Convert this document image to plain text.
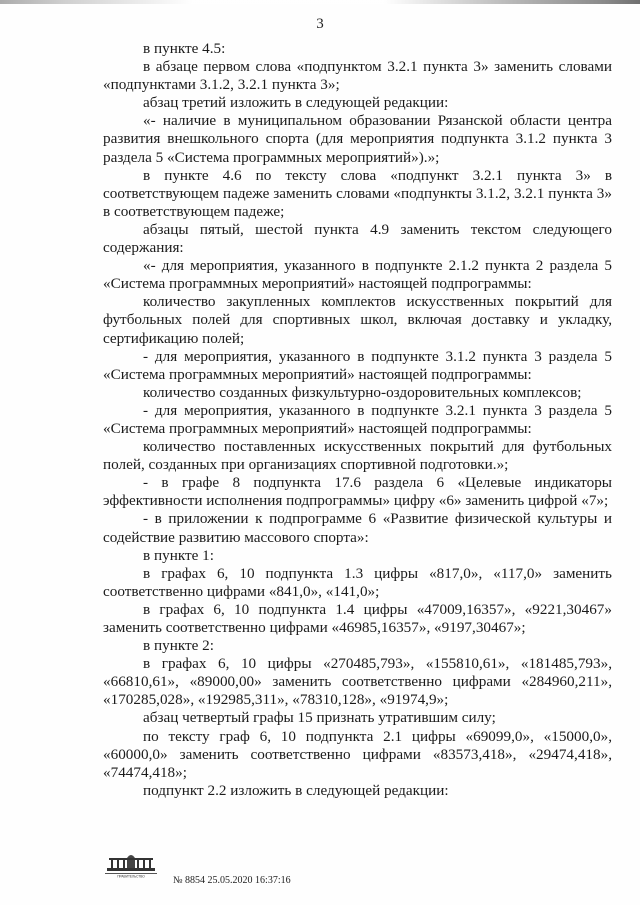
3

в пункте 4.5:

в абзаце первом слова «подпунктом 3.2.1 пункта 3» заменить словами «подпунктами 3.1.2, 3.2.1 пункта 3»;

абзац третий изложить в следующей редакции:

«- наличие в муниципальном образовании Рязанской области центра развития внешкольного спорта (для мероприятия подпункта 3.1.2 пункта 3 раздела 5 «Система программных мероприятий»).»;

в пункте 4.6 по тексту слова «подпункт 3.2.1 пункта 3» в соответствующем падеже заменить словами «подпункты 3.1.2, 3.2.1 пункта 3» в соответствующем падеже;

абзацы пятый, шестой пункта 4.9 заменить текстом следующего содержания:

«- для мероприятия, указанного в подпункте 2.1.2 пункта 2 раздела 5 «Система программных мероприятий» настоящей подпрограммы:

количество закупленных комплектов искусственных покрытий для футбольных полей для спортивных школ, включая доставку и укладку, сертификацию полей;

- для мероприятия, указанного в подпункте 3.1.2 пункта 3 раздела 5 «Система программных мероприятий» настоящей подпрограммы:

количество созданных физкультурно-оздоровительных комплексов;

- для мероприятия, указанного в подпункте 3.2.1 пункта 3 раздела 5 «Система программных мероприятий» настоящей подпрограммы:

количество поставленных искусственных покрытий для футбольных полей, созданных при организациях спортивной подготовки.»;

- в графе 8 подпункта 17.6 раздела 6 «Целевые индикаторы эффективности исполнения подпрограммы» цифру «6» заменить цифрой «7»;

- в приложении к подпрограмме 6 «Развитие физической культуры и содействие развитию массового спорта»:

в пункте 1:

в графах 6, 10 подпункта 1.3 цифры «817,0», «117,0» заменить соответственно цифрами «841,0», «141,0»;

в графах 6, 10 подпункта 1.4 цифры «47009,16357», «9221,30467» заменить соответственно цифрами «46985,16357», «9197,30467»;

в пункте 2:

в графах 6, 10 цифры «270485,793», «155810,61», «181485,793», «66810,61», «89000,00» заменить соответственно цифрами «284960,211», «170285,028», «192985,311», «78310,128», «91974,9»;

абзац четвертый графы 15 признать утратившим силу;

по тексту граф 6, 10 подпункта 2.1 цифры «69099,0», «15000,0», «60000,0» заменить соответственно цифрами «83573,418», «29474,418», «74474,418»;

подпункт 2.2 изложить в следующей редакции:

ПРАВИТЕЛЬСТВО	№ 8854 25.05.2020 16:37:16
